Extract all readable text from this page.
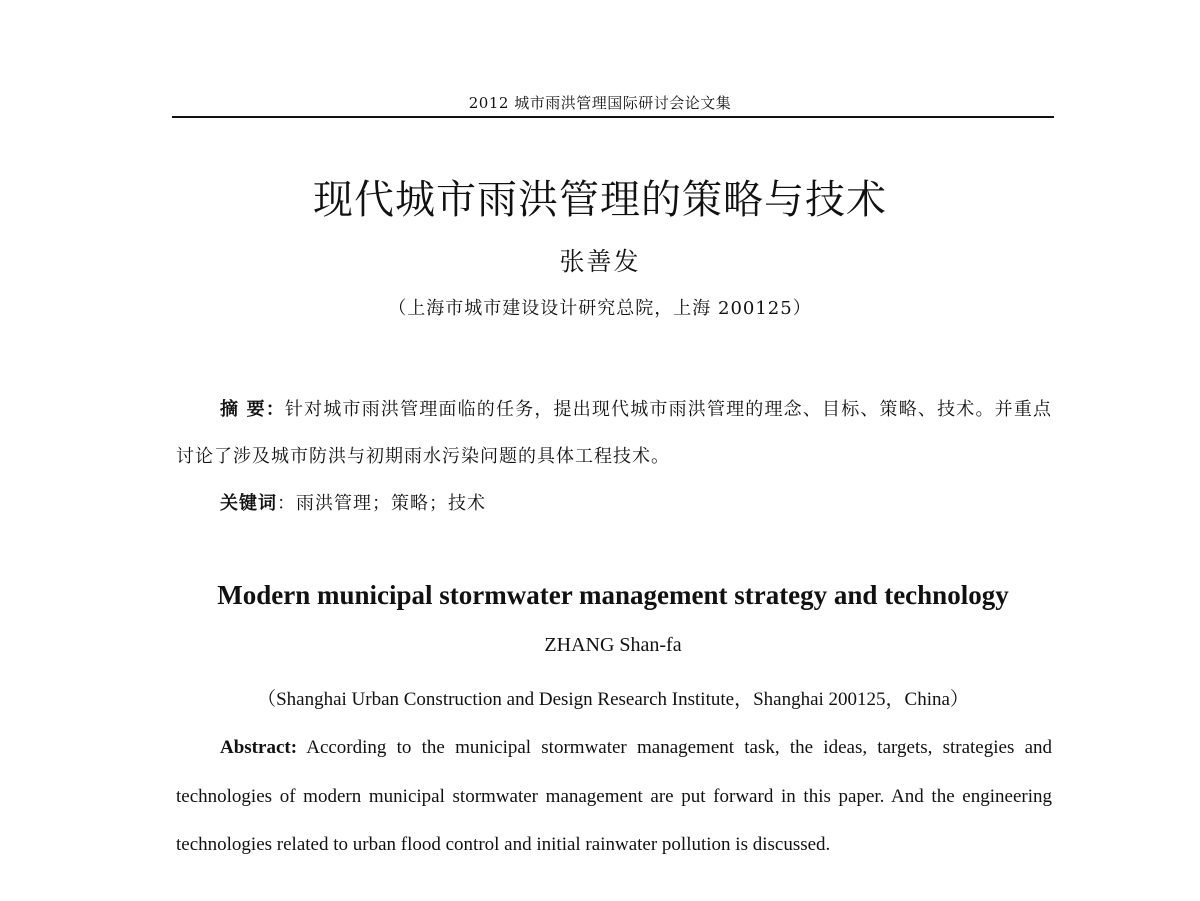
2012 城市雨洪管理国际研讨会论文集
现代城市雨洪管理的策略与技术
张善发
（上海市城市建设设计研究总院，上海 200125）
摘 要：针对城市雨洪管理面临的任务，提出现代城市雨洪管理的理念、目标、策略、技术。并重点讨论了涉及城市防洪与初期雨水污染问题的具体工程技术。
关键词：雨洪管理；策略；技术
Modern municipal stormwater management strategy and technology
ZHANG Shan-fa
（Shanghai Urban Construction and Design Research Institute，Shanghai 200125，China）
Abstract: According to the municipal stormwater management task, the ideas, targets, strategies and technologies of modern municipal stormwater management are put forward in this paper. And the engineering technologies related to urban flood control and initial rainwater pollution is discussed.
